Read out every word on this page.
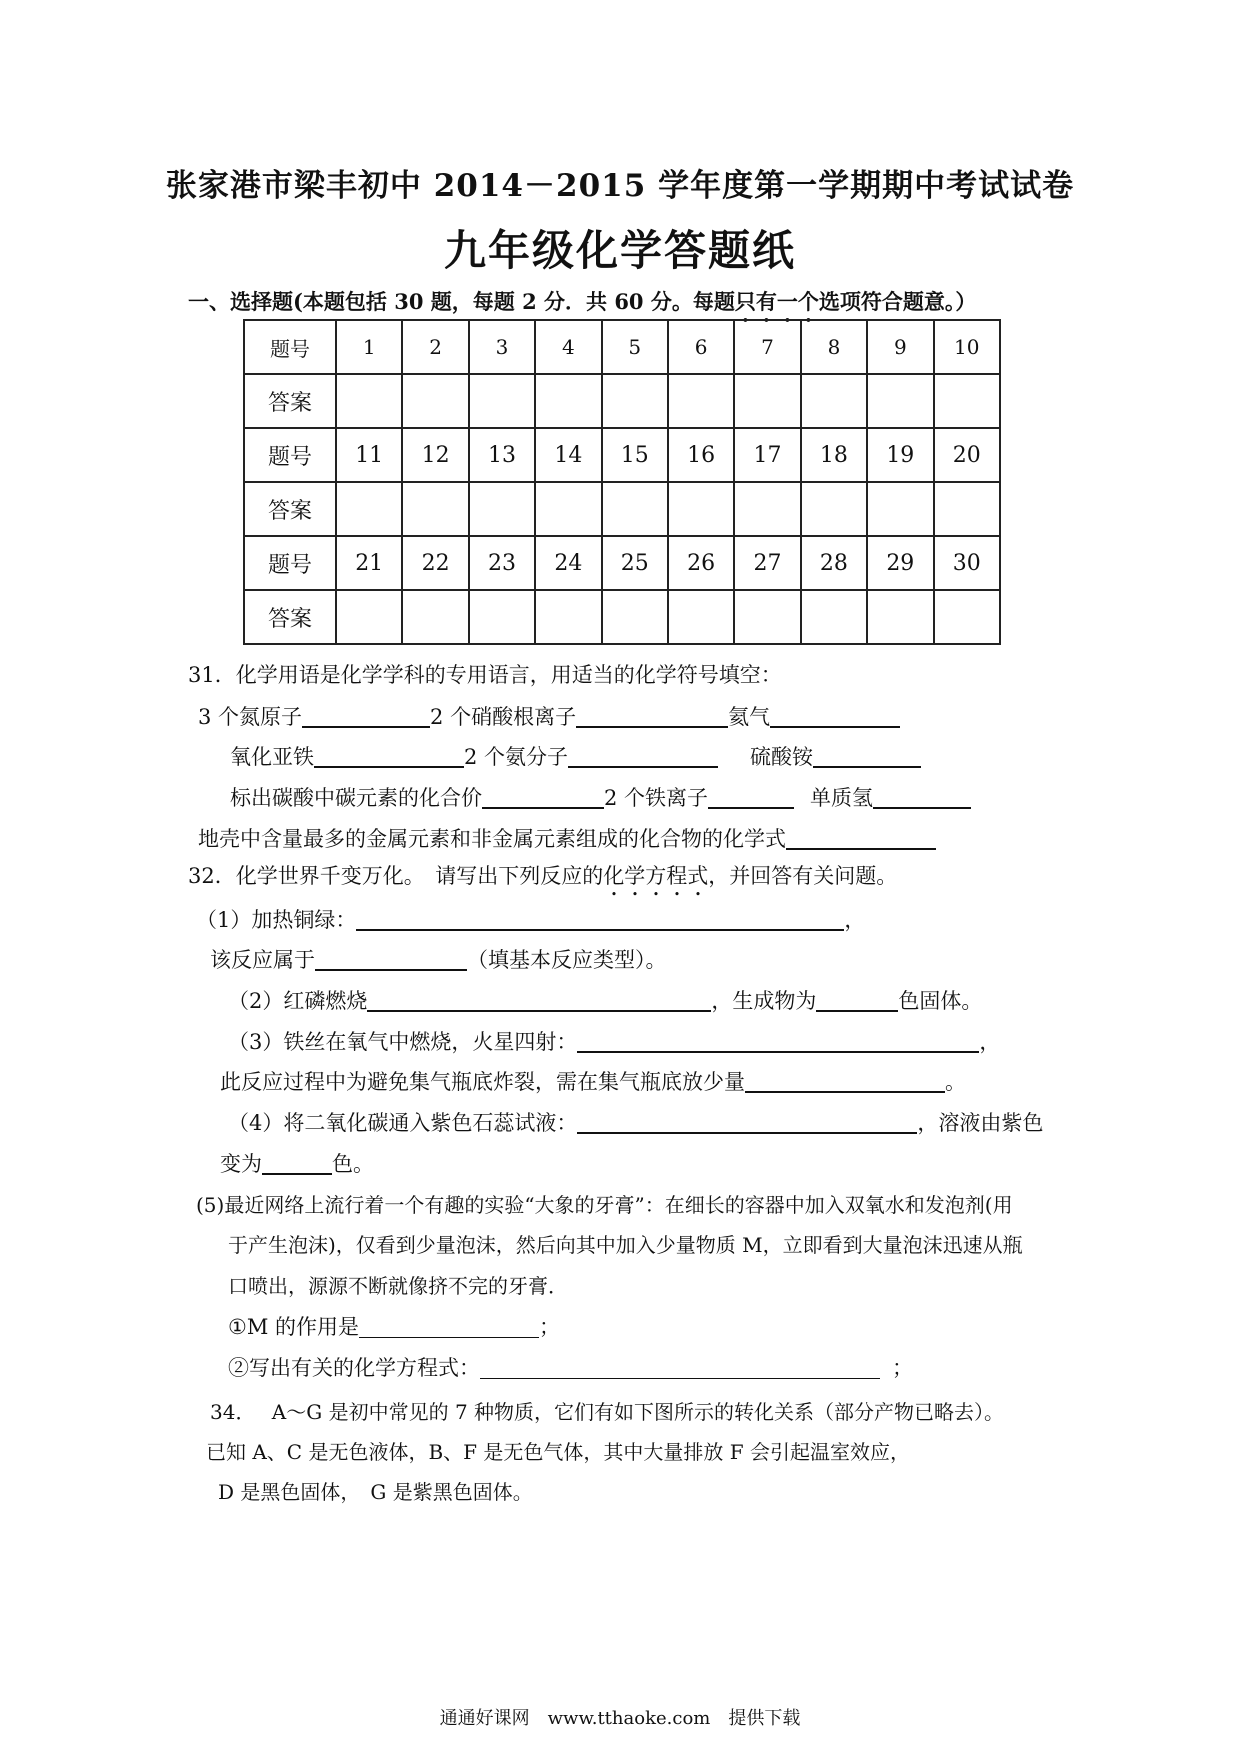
张家港市梁丰初中 2014－2015 学年度第一学期期中考试试卷
九年级化学答题纸
一、选择题(本题包括 30 题，每题 2 分．共 60 分。每题只有一个选项符合题意。）
题号	1	2	3	4	5	6	7	8	9	10
答案										
题号	11	12	13	14	15	16	17	18	19	20
答案										
题号	21	22	23	24	25	26	27	28	29	30
答案										
31．化学用语是化学学科的专用语言，用适当的化学符号填空：
3 个氮原子	2 个硝酸根离子	氦气
氧化亚铁	2 个氨分子	硫酸铵
标出碳酸中碳元素的化合价	2 个铁离子	单质氢
地壳中含量最多的金属元素和非金属元素组成的化合物的化学式
32．化学世界千变万化。　请写出下列反应的化学方程式，并回答有关问题。
（1）加热铜绿：	，
该反应属于	（填基本反应类型）。
（2）红磷燃烧	，生成物为	色固体。
（3）铁丝在氧气中燃烧，火星四射：	，
此反应过程中为避免集气瓶底炸裂，需在集气瓶底放少量	。
（4）将二氧化碳通入紫色石蕊试液：	，溶液由紫色
变为	色。
(5)最近网络上流行着一个有趣的实验“大象的牙膏”：在细长的容器中加入双氧水和发泡剂(用
于产生泡沫)，仅看到少量泡沫，然后向其中加入少量物质 M，立即看到大量泡沫迅速从瓶
口喷出，源源不断就像挤不完的牙膏．
①M 的作用是	；
②写出有关的化学方程式：	；
34．　 A～G 是初中常见的 7 种物质，它们有如下图所示的转化关系（部分产物已略去）。
已知 A、C 是无色液体，B、F 是无色气体，其中大量排放 F 会引起温室效应，
D 是黑色固体，　G 是紫黑色固体。
通通好课网　www.tthaoke.com　提供下载
